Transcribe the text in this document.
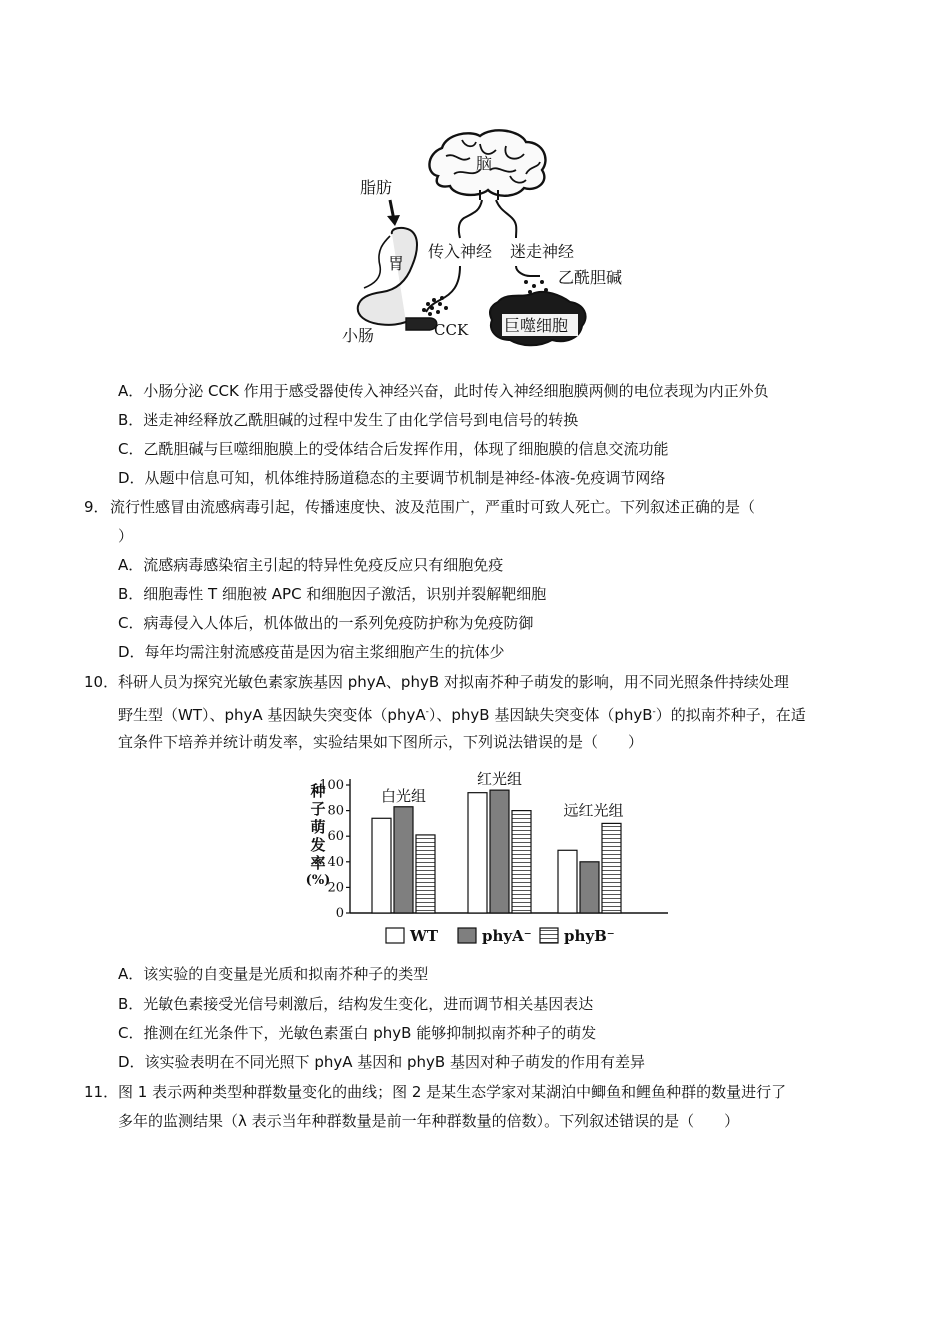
脑
脂肪
胃
传入神经 迷走神经
乙酰胆碱
小肠	CCK 巨噬细胞
A．小肠分泌 CCK 作用于感受器使传入神经兴奋，此时传入神经细胞膜两侧的电位表现为内正外负
B．迷走神经释放乙酰胆碱的过程中发生了由化学信号到电信号的转换
C．乙酰胆碱与巨噬细胞膜上的受体结合后发挥作用，体现了细胞膜的信息交流功能
D．从题中信息可知，机体维持肠道稳态的主要调节机制是神经-体液-免疫调节网络
9． 流行性感冒由流感病毒引起，传播速度快、波及范围广，严重时可致人死亡。下列叙述正确的是（
）
A．流感病毒感染宿主引起的特异性免疫反应只有细胞免疫
B．细胞毒性 T 细胞被 APC 和细胞因子激活，识别并裂解靶细胞
C．病毒侵入人体后，机体做出的一系列免疫防护称为免疫防御
D．每年均需注射流感疫苗是因为宿主浆细胞产生的抗体少
10． 科研人员为探究光敏色素家族基因 phyA、phyB 对拟南芥种子萌发的影响，用不同光照条件持续处理
野生型（WT）、phyA 基因缺失突变体（phyA-）、phyB 基因缺失突变体（phyB-）的拟南芥种子，在适
宜条件下培养并统计萌发率，实验结果如下图所示，下列说法错误的是（　　）
100
80
60
40
20
0
白光组
红光组
远红光组
WT	phyA⁻ phyB⁻
种
子
萌
发
率
(%)
A．该实验的自变量是光质和拟南芥种子的类型
B．光敏色素接受光信号刺激后，结构发生变化，进而调节相关基因表达
C．推测在红光条件下，光敏色素蛋白 phyB 能够抑制拟南芥种子的萌发
D．该实验表明在不同光照下 phyA 基因和 phyB 基因对种子萌发的作用有差异
11． 图 1 表示两种类型种群数量变化的曲线；图 2 是某生态学家对某湖泊中鲫鱼和鲤鱼种群的数量进行了
多年的监测结果（λ 表示当年种群数量是前一年种群数量的倍数）。下列叙述错误的是（　　）
